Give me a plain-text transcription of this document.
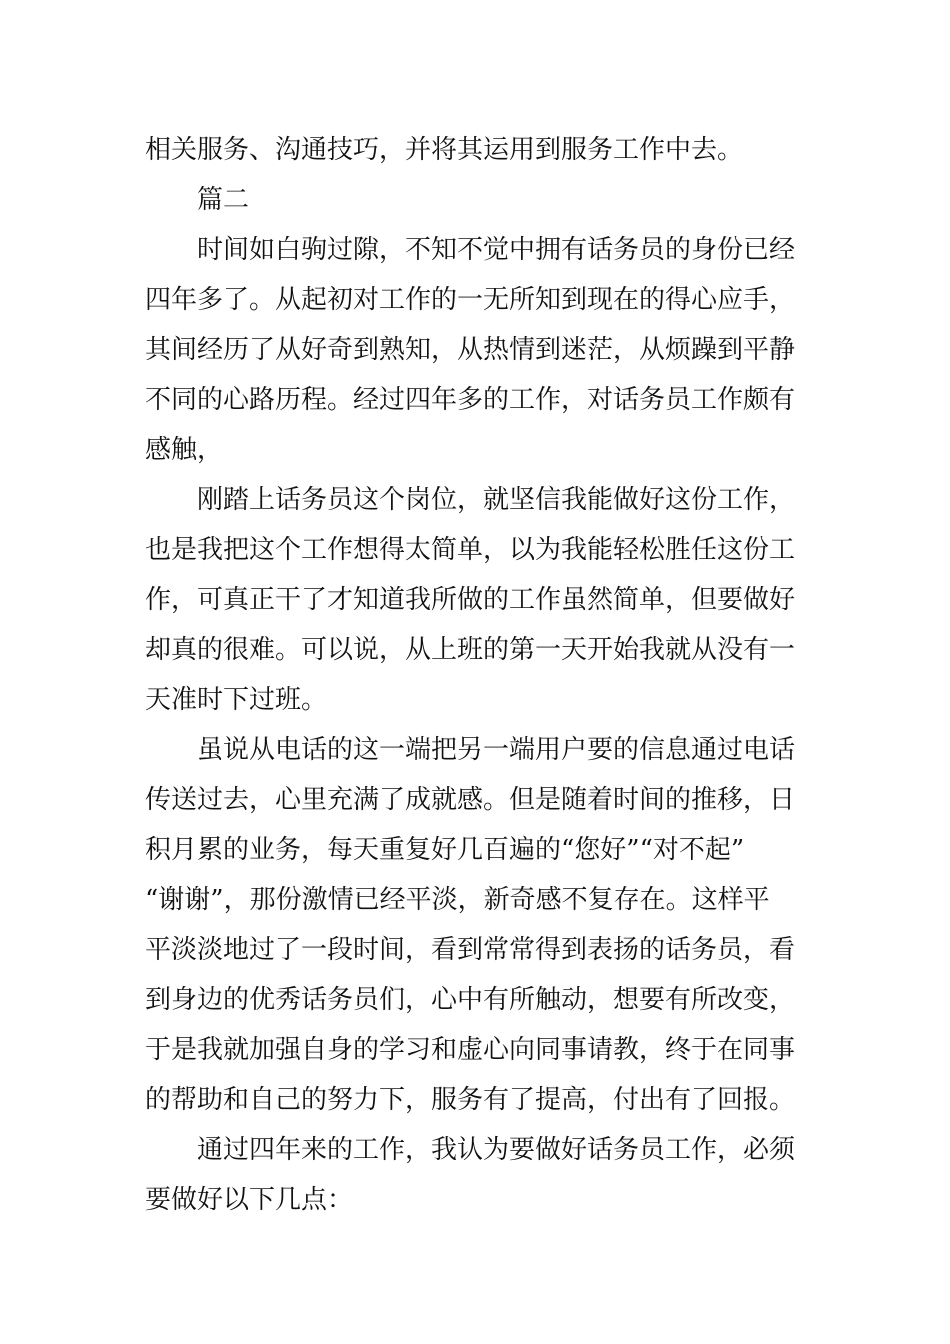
相关服务、沟通技巧，并将其运用到服务工作中去。
篇二
时间如白驹过隙，不知不觉中拥有话务员的身份已经
四年多了。从起初对工作的一无所知到现在的得心应手，
其间经历了从好奇到熟知，从热情到迷茫，从烦躁到平静
不同的心路历程。经过四年多的工作，对话务员工作颇有
感触，
刚踏上话务员这个岗位，就坚信我能做好这份工作，
也是我把这个工作想得太简单，以为我能轻松胜任这份工
作，可真正干了才知道我所做的工作虽然简单，但要做好
却真的很难。可以说，从上班的第一天开始我就从没有一
天准时下过班。
虽说从电话的这一端把另一端用户要的信息通过电话
传送过去，心里充满了成就感。但是随着时间的推移，日
积月累的业务，每天重复好几百遍的“您好”“对不起”
“谢谢”，那份激情已经平淡，新奇感不复存在。这样平
平淡淡地过了一段时间，看到常常得到表扬的话务员，看
到身边的优秀话务员们，心中有所触动，想要有所改变，
于是我就加强自身的学习和虚心向同事请教，终于在同事
的帮助和自己的努力下，服务有了提高，付出有了回报。
通过四年来的工作，我认为要做好话务员工作，必须
要做好以下几点：
